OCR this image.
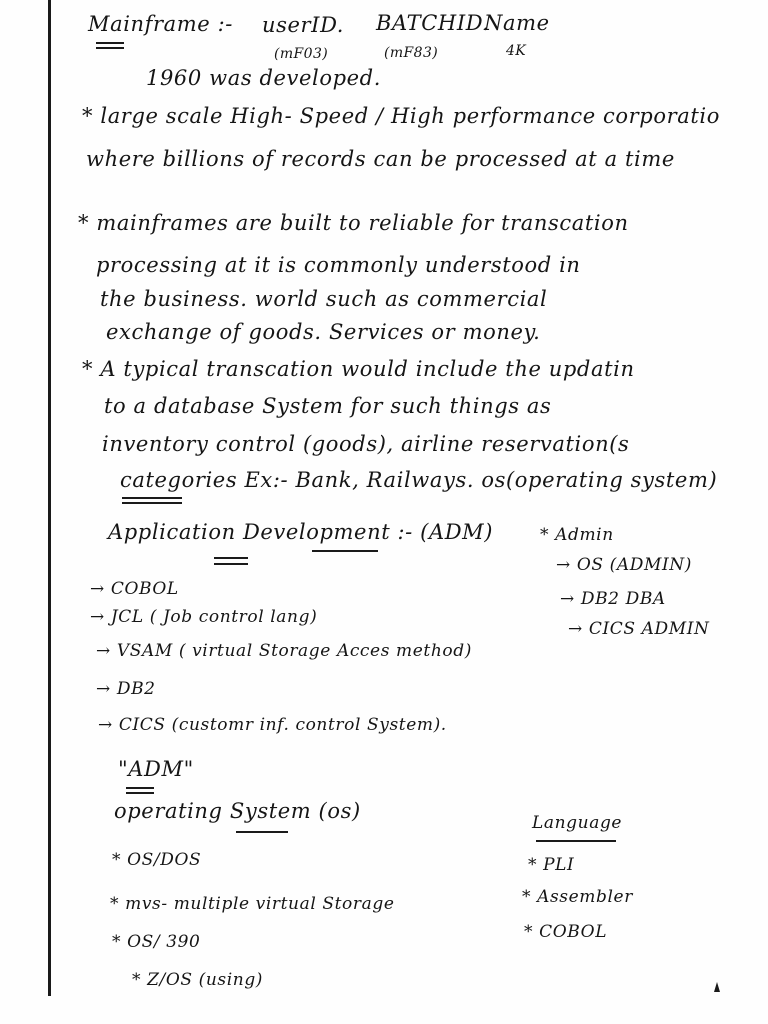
Mainframe :- userID.
(mF03)
BATCHID.
(mF83)
Name
4K
1960 was developed.
* large scale High- Speed / High performance corporatio
where billions of records can be processed at a time
* mainframes are built to reliable for transcation
processing at it is commonly understood in
the business. world such as commercial
exchange of goods. Services or money.
* A typical transcation would include the updatin
to a database System for such things as
inventory control (goods), airline reservation(s
categories Ex:- Bank, Railways. os(operating system)
Application Development :- (ADM)
→ COBOL
→ JCL ( Job control lang)
→ VSAM ( virtual Storage Acces method)
→ DB2
→ CICS (customr inf. control System).
* Admin
→ OS (ADMIN)
→ DB2 DBA
→ CICS ADMIN
"ADM"
operating System (os)
* OS/DOS
* mvs- multiple virtual Storage
* OS/ 390
* Z/OS (using)
Language
* PLI
* Assembler
* COBOL
